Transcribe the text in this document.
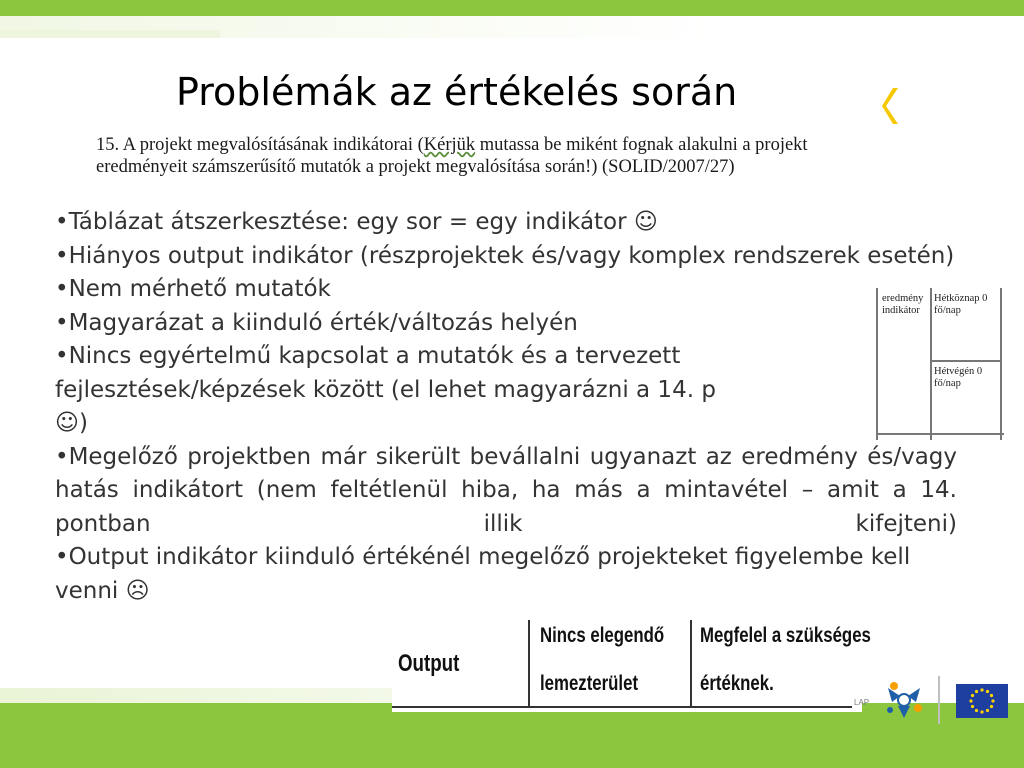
Problémák az értékelés során

15. A projekt megvalósításának indikátorai (Kérjük mutassa be miként fognak alakulni a projekt eredményeit számszerűsítő mutatók a projekt megvalósítása során!) (SOLID/2007/27)

•Táblázat átszerkesztése: egy sor = egy indikátor ☺

•Hiányos output indikátor (részprojektek és/vagy komplex rendszerek esetén)

•Nem mérhető mutatók

•Magyarázat a kiinduló érték/változás helyén

•Nincs egyértelmű kapcsolat a mutatók és a tervezett fejlesztések/képzések között (el lehet magyarázni a 14. p
☺)

•Megelőző projektben már sikerült bevállalni ugyanazt az eredmény és/vagy hatás indikátort (nem feltétlenül hiba, ha más a mintavétel – amit a 14. pontban illik kifejteni)

•Output indikátor kiinduló értékénél megelőző projekteket figyelembe kell venni ☹

eredmény indikátor
Hétköznap 0 fő/nap
Hétvégén 0 fő/nap
Output
Nincs elegendő
lemezterület
Megfelel a szükséges
értéknek.
LAP
